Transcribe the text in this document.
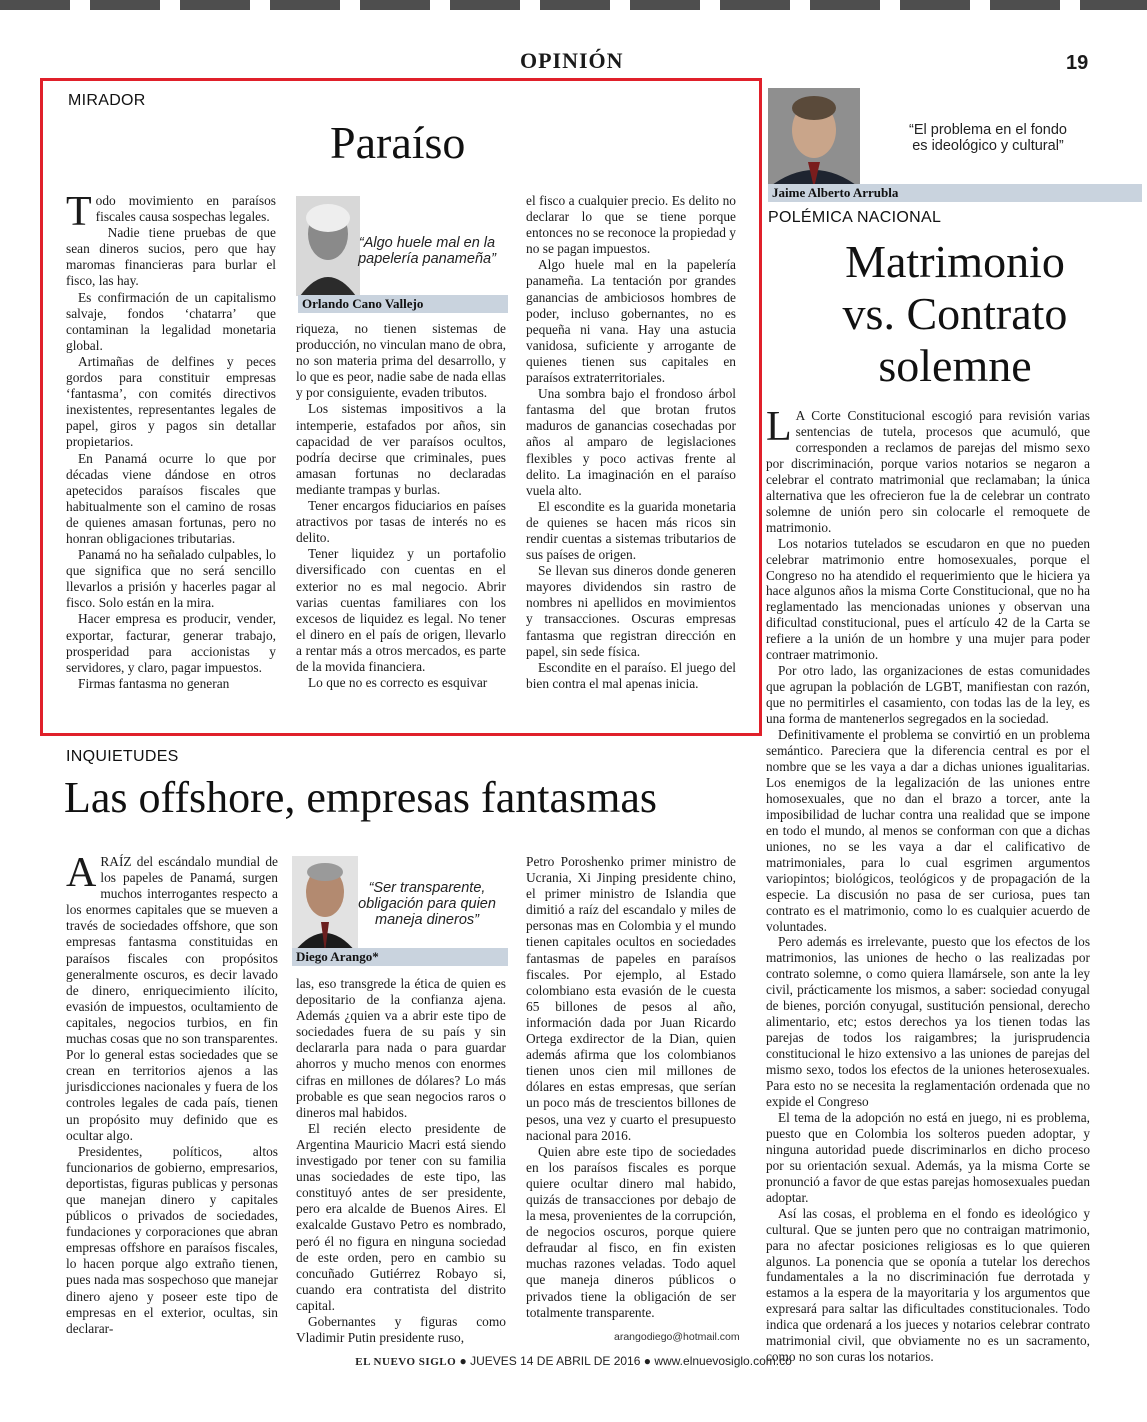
OPINIÓN	19
MIRADOR
Paraíso

Todo movimiento en paraísos fiscales causa sospechas legales.

Nadie tiene pruebas de que sean dineros sucios, pero que hay maromas financieras para burlar el fisco, las hay.

Es confirmación de un capitalismo salvaje, fondos ‘chatarra’ que contaminan la legalidad monetaria global.

Artimañas de delfines y peces gordos para constituir empresas ‘fantasma’, con comités directivos inexistentes, representantes legales de papel, giros y pagos sin detallar propietarios.

En Panamá ocurre lo que por décadas viene dándose en otros apetecidos paraísos fiscales que habitualmente son el camino de rosas de quienes amasan fortunas, pero no honran obligaciones tributarias.

Panamá no ha señalado culpables, lo que significa que no será sencillo llevarlos a prisión y hacerles pagar al fisco. Solo están en la mira.

Hacer empresa es producir, vender, exportar, facturar, generar trabajo, prosperidad para accionistas y servidores, y claro, pagar impuestos.

Firmas fantasma no generan

“Algo huele mal en la papelería panameña”
Orlando Cano Vallejo

riqueza, no tienen sistemas de producción, no vinculan mano de obra, no son materia prima del desarrollo, y lo que es peor, nadie sabe de nada ellas y por consiguiente, evaden tributos.

Los sistemas impositivos a la intemperie, estafados por años, sin capacidad de ver paraísos ocultos, podría decirse que criminales, pues amasan fortunas no declaradas mediante trampas y burlas.

Tener encargos fiduciarios en países atractivos por tasas de interés no es delito.

Tener liquidez y un portafolio diversificado con cuentas en el exterior no es mal negocio. Abrir varias cuentas familiares con los excesos de liquidez es legal. No tener el dinero en el país de origen, llevarlo a rentar más a otros mercados, es parte de la movida financiera.

Lo que no es correcto es esquivar

el fisco a cualquier precio. Es delito no declarar lo que se tiene porque entonces no se reconoce la propiedad y no se pagan impuestos.

Algo huele mal en la papelería panameña. La tentación por grandes ganancias de ambiciosos hombres de poder, incluso gobernantes, no es pequeña ni vana. Hay una astucia vanidosa, suficiente y arrogante de quienes tienen sus capitales en paraísos extraterritoriales.

Una sombra bajo el frondoso árbol fantasma del que brotan frutos maduros de ganancias cosechadas por años al amparo de legislaciones flexibles y poco activas frente al delito. La imaginación en el paraíso vuela alto.

El escondite es la guarida monetaria de quienes se hacen más ricos sin rendir cuentas a sistemas tributarios de sus países de origen.

Se llevan sus dineros donde generen mayores dividendos sin rastro de nombres ni apellidos en movimientos y transacciones. Oscuras empresas fantasma que registran dirección en papel, sin sede física.

Escondite en el paraíso. El juego del bien contra el mal apenas inicia.

“El problema en el fondo es ideológico y cultural”
Jaime Alberto Arrubla
POLÉMICA NACIONAL
Matrimonio
vs. Contrato
solemne

L A Corte Constitucional escogió para revisión varias sentencias de tutela, procesos que acumuló, que corresponden a reclamos de parejas del mismo sexo por discriminación, porque varios notarios se negaron a celebrar el contrato matrimonial que reclamaban; la única alternativa que les ofrecieron fue la de celebrar un contrato solemne de unión pero sin colocarle el remoquete de matrimonio.

Los notarios tutelados se escudaron en que no pueden celebrar matrimonio entre homosexuales, porque el Congreso no ha atendido el requerimiento que le hiciera ya hace algunos años la misma Corte Constitucional, que no ha reglamentado las mencionadas uniones y observan una dificultad constitucional, pues el artículo 42 de la Carta se refiere a la unión de un hombre y una mujer para poder contraer matrimonio.

Por otro lado, las organizaciones de estas comunidades que agrupan la población de LGBT, manifiestan con razón, que no permitirles el casamiento, con todas las de la ley, es una forma de mantenerlos segregados en la sociedad.

Definitivamente el problema se convirtió en un problema semántico. Pareciera que la diferencia central es por el nombre que se les vaya a dar a dichas uniones igualitarias. Los enemigos de la legalización de las uniones entre homosexuales, que no dan el brazo a torcer, ante la imposibilidad de luchar contra una realidad que se impone en todo el mundo, al menos se conforman con que a dichas uniones, no se les vaya a dar el calificativo de matrimoniales, para lo cual esgrimen argumentos variopintos; biológicos, teológicos y de propagación de la especie. La discusión no pasa de ser curiosa, pues tan contrato es el matrimonio, como lo es cualquier acuerdo de voluntades.

Pero además es irrelevante, puesto que los efectos de los matrimonios, las uniones de hecho o las realizadas por contrato solemne, o como quiera llamársele, son ante la ley civil, prácticamente los mismos, a saber: sociedad conyugal de bienes, porción conyugal, sustitución pensional, derecho alimentario, etc; estos derechos ya los tienen todas las parejas de todos los raigambres; la jurisprudencia constitucional le hizo extensivo a las uniones de parejas del mismo sexo, todos los efectos de la uniones heterosexuales. Para esto no se necesita la reglamentación ordenada que no expide el Congreso

El tema de la adopción no está en juego, ni es problema, puesto que en Colombia los solteros pueden adoptar, y ninguna autoridad puede discriminarlos en dicho proceso por su orientación sexual. Además, ya la misma Corte se pronunció a favor de que estas parejas homosexuales puedan adoptar.

Así las cosas, el problema en el fondo es ideológico y cultural. Que se junten pero que no contraigan matrimonio, para no afectar posiciones religiosas es lo que quieren algunos. La ponencia que se oponía a tutelar los derechos fundamentales a la no discriminación fue derrotada y estamos a la espera de la mayoritaria y los argumentos que expresará para saltar las dificultades constitucionales. Todo indica que ordenará a los jueces y notarios celebrar contrato matrimonial civil, que obviamente no es un sacramento, como no son curas los notarios.

INQUIETUDES
Las offshore, empresas fantasmas

ARAÍZ del escándalo mundial de los papeles de Panamá, surgen muchos interrogantes respecto a los enormes capitales que se mueven a través de sociedades offshore, que son empresas fantasma constituidas en paraísos fiscales con propósitos generalmente oscuros, es decir lavado de dinero, enriquecimiento ilícito, evasión de impuestos, ocultamiento de capitales, negocios turbios, en fin muchas cosas que no son transparentes. Por lo general estas sociedades que se crean en territorios ajenos a las jurisdicciones nacionales y fuera de los controles legales de cada país, tienen un propósito muy definido que es ocultar algo.

Presidentes, políticos, altos funcionarios de gobierno, empresarios, deportistas, figuras publicas y personas que manejan dinero y capitales públicos o privados de sociedades, fundaciones y corporaciones que abran empresas offshore en paraísos fiscales, lo hacen porque algo extraño tienen, pues nada mas sospechoso que manejar dinero ajeno y poseer este tipo de empresas en el exterior, ocultas, sin declarar-

“Ser transparente, obligación para quien maneja dineros”
Diego Arango*

las, eso transgrede la ética de quien es depositario de la confianza ajena. Además ¿quien va a abrir este tipo de sociedades fuera de su país y sin declararla para nada o para guardar ahorros y mucho menos con enormes cifras en millones de dólares? Lo más probable es que sean negocios raros o dineros mal habidos.

El recién electo presidente de Argentina Mauricio Macri está siendo investigado por tener con su familia unas sociedades de este tipo, las constituyó antes de ser presidente, pero era alcalde de Buenos Aires. El exalcalde Gustavo Petro es nombrado, peró él no figura en ninguna sociedad de este orden, pero en cambio su concuñado Gutiérrez Robayo si, cuando era contratista del distrito capital.

Gobernantes y figuras como Vladimir Putin presidente ruso,

Petro Poroshenko primer ministro de Ucrania, Xi Jinping presidente chino, el primer ministro de Islandia que dimitió a raíz del escandalo y miles de personas mas en Colombia y el mundo tienen capitales ocultos en sociedades fantasmas de papeles en paraísos fiscales. Por ejemplo, al Estado colombiano esta evasión de le cuesta 65 billones de pesos al año, información dada por Juan Ricardo Ortega exdirector de la Dian, quien además afirma que los colombianos tienen unos cien mil millones de dólares en estas empresas, que serían un poco más de trescientos billones de pesos, una vez y cuarto el presupuesto nacional para 2016.

Quien abre este tipo de sociedades en los paraísos fiscales es porque quiere ocultar dinero mal habido, quizás de transacciones por debajo de la mesa, provenientes de la corrupción, de negocios oscuros, porque quiere defraudar al fisco, en fin existen muchas razones veladas. Todo aquel que maneja dineros públicos o privados tiene la obligación de ser totalmente transparente.

arangodiego@hotmail.com
EL NUEVO SIGLO ● JUEVES 14 DE ABRIL DE 2016 ● www.elnuevosiglo.com.co
